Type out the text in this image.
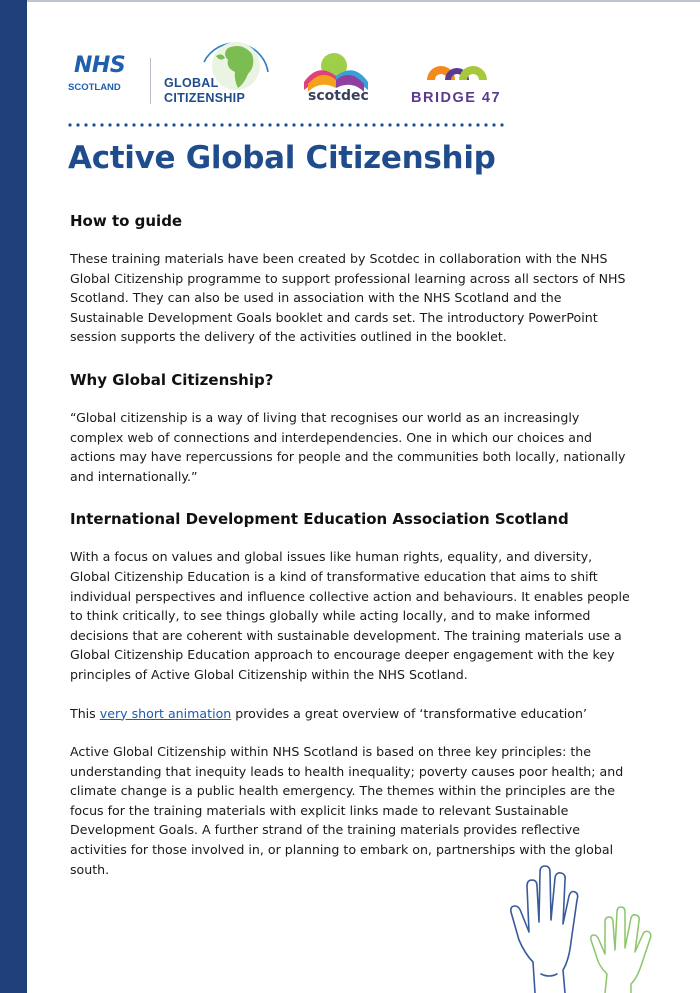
NHS
SCOTLAND	GLOBAL
CITIZENSHIP	scotdec	BRIDGE 47
Active Global Citizenship
How to guide

These training materials have been created by Scotdec in collaboration with the NHS Global Citizenship programme to support professional learning across all sectors of NHS Scotland. They can also be used in association with the NHS Scotland and the Sustainable Development Goals booklet and cards set. The introductory PowerPoint session supports the delivery of the activities outlined in the booklet.

Why Global Citizenship?

“Global citizenship is a way of living that recognises our world as an increasingly complex web of connections and interdependencies. One in which our choices and actions may have repercussions for people and the communities both locally, nationally and internationally.”

International Development Education Association Scotland

With a focus on values and global issues like human rights, equality, and diversity, Global Citizenship Education is a kind of transformative education that aims to shift individual perspectives and influence collective action and behaviours. It enables people to think critically, to see things globally while acting locally, and to make informed decisions that are coherent with sustainable development. The training materials use a Global Citizenship Education approach to encourage deeper engagement with the key principles of Active Global Citizenship within the NHS Scotland.

This very short animation provides a great overview of ‘transformative education’

Active Global Citizenship within NHS Scotland is based on three key principles: the understanding that inequity leads to health inequality; poverty causes poor health; and climate change is a public health emergency. The themes within the principles are the focus for the training materials with explicit links made to relevant Sustainable Development Goals. A further strand of the training materials provides reflective activities for those involved in, or planning to embark on, partnerships with the global south.
